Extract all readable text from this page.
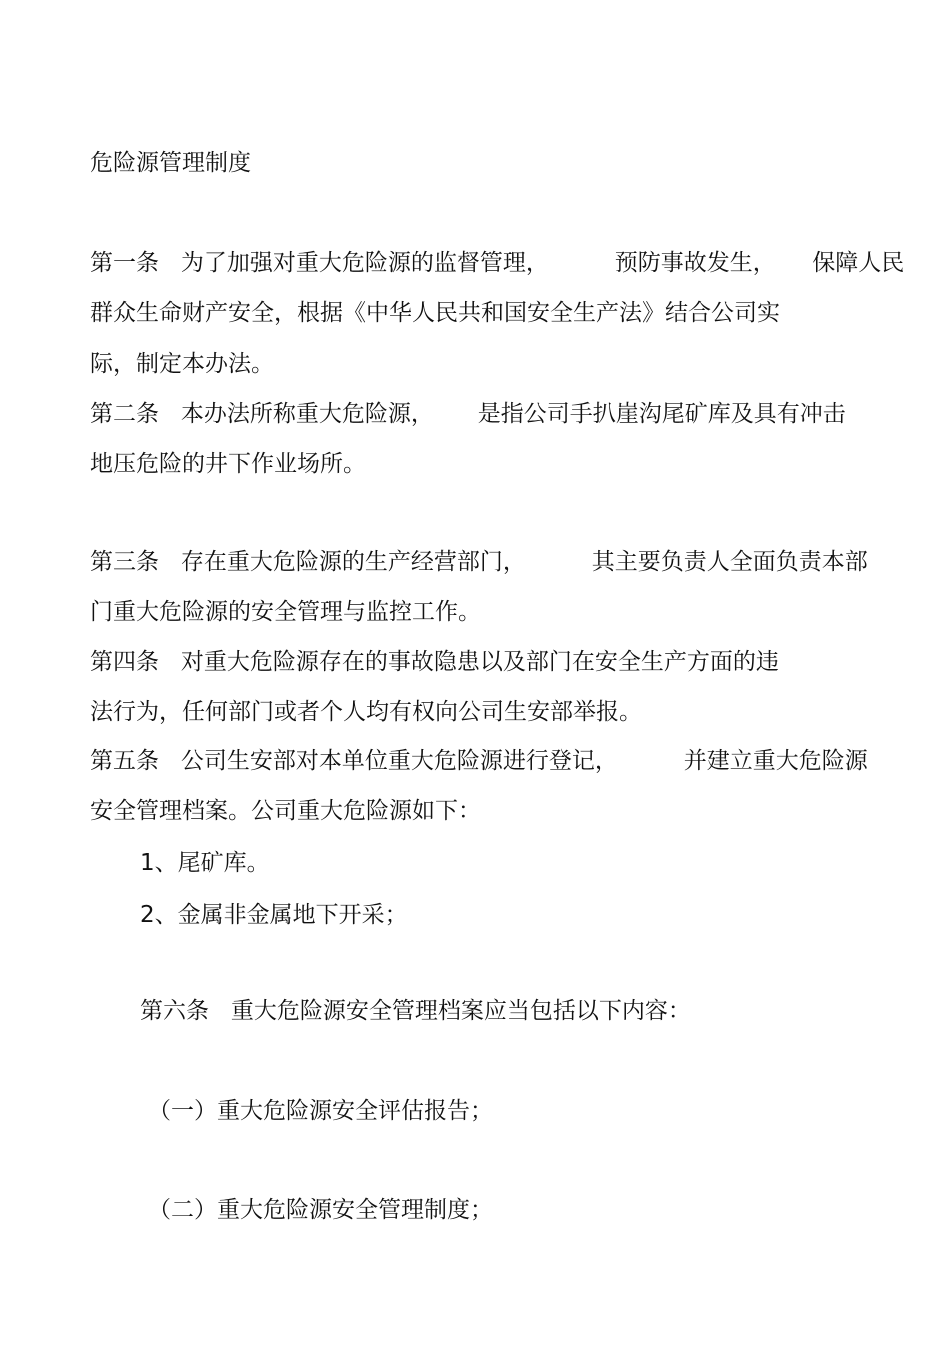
危险源管理制度
第一条   为了加强对重大危险源的监督管理，         预防事故发生，     保障人民
群众生命财产安全，根据《中华人民共和国安全生产法》结合公司实
际，制定本办法。
第二条   本办法所称重大危险源，      是指公司手扒崖沟尾矿库及具有冲击
地压危险的井下作业场所。
第三条   存在重大危险源的生产经营部门，         其主要负责人全面负责本部
门重大危险源的安全管理与监控工作。
第四条   对重大危险源存在的事故隐患以及部门在安全生产方面的违
法行为，任何部门或者个人均有权向公司生安部举报。
第五条   公司生安部对本单位重大危险源进行登记，         并建立重大危险源
安全管理档案。公司重大危险源如下：
1、尾矿库。
2、金属非金属地下开采；
第六条   重大危险源安全管理档案应当包括以下内容：
（一）重大危险源安全评估报告；
（二）重大危险源安全管理制度；
